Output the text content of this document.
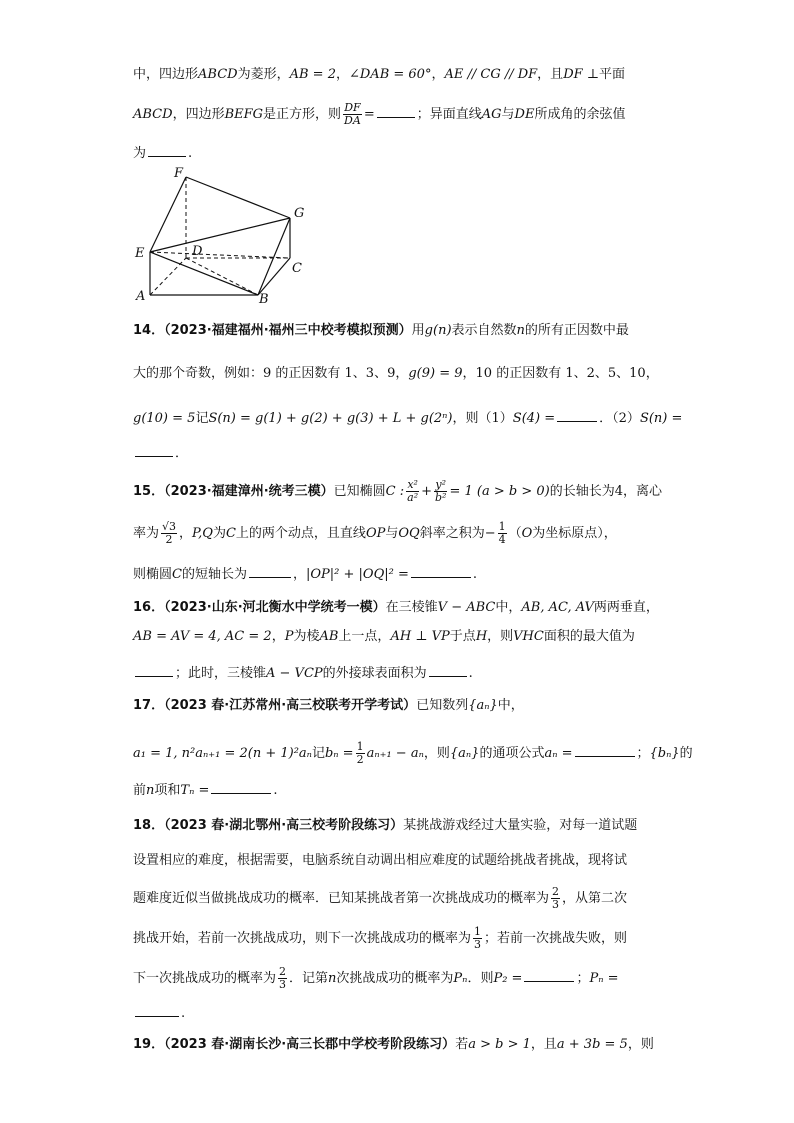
中，四边形ABCD为菱形，AB = 2，∠DAB = 60°，AE // CG // DF，且DF ⊥平面
ABCD，四边形BEFG是正方形，则 $\frac{DF}{DA}$ =	；异面直线AG与DE所成角的余弦值
为	.
F
G
E	D
C
A	B
14．（2023·福建福州·福州三中校考模拟预测）用g(n)表示自然数n的所有正因数中最
大的那个奇数，例如：9 的正因数有 1、3、9，g(9) = 9，10 的正因数有 1、2、5、10，
g(10) = 5记S(n) = g(1) + g(2) + g(3) + L + g(2ⁿ)，则（1）S(4) =	．（2）S(n) =
．
15．（2023·福建漳州·统考三模）已知椭圆C : $\frac{\text{x²}}{\text{a²}} + \frac{\text{y²}}{\text{b²}} = 1$ (a > b > 0)的长轴长为4，离心
率为 $\frac{√3}{2}$ ，P,Q为C上的两个动点，且直线OP与OQ斜率之积为− $\frac{1}{4} (O$为坐标原点），
则椭圆C的短轴长为	，|OP|² + |OQ|² =	.
16．（2023·山东·河北衡水中学统考一模）在三棱锥V − ABC中，AB, AC, AV两两垂直，
AB = AV = 4, AC = 2，P为棱AB上一点，AH ⊥ VP于点H，则VHC面积的最大值为
；此时，三棱锥A − VCP的外接球表面积为	.
17．（2023 春·江苏常州·高三校联考开学考试）已知数列{aₙ}中，
a₁ = 1, n²aₙ₊₁ = 2(n + 1)²aₙ记$b_n = \frac{1}{2} a_{n+1} - a_n$，则{aₙ}的通项公式aₙ =	；{bₙ}的
前n项和Tₙ =	.
18．（2023 春·湖北鄂州·高三校考阶段练习）某挑战游戏经过大量实验，对每一道试题
设置相应的难度，根据需要，电脑系统自动调出相应难度的试题给挑战者挑战，现将试
题难度近似当做挑战成功的概率．已知某挑战者第一次挑战成功的概率为 $\frac{2}{3}$ ，从第二次
挑战开始，若前一次挑战成功，则下一次挑战成功的概率为 $\frac{1}{3}$ ；若前一次挑战失败，则
下一次挑战成功的概率为 $\frac{2}{3}$ ．记第n次挑战成功的概率为Pₙ．则P₂ =	；Pₙ =
.
19．（2023 春·湖南长沙·高三长郡中学校考阶段练习）若a > b > 1，且a + 3b = 5，则
